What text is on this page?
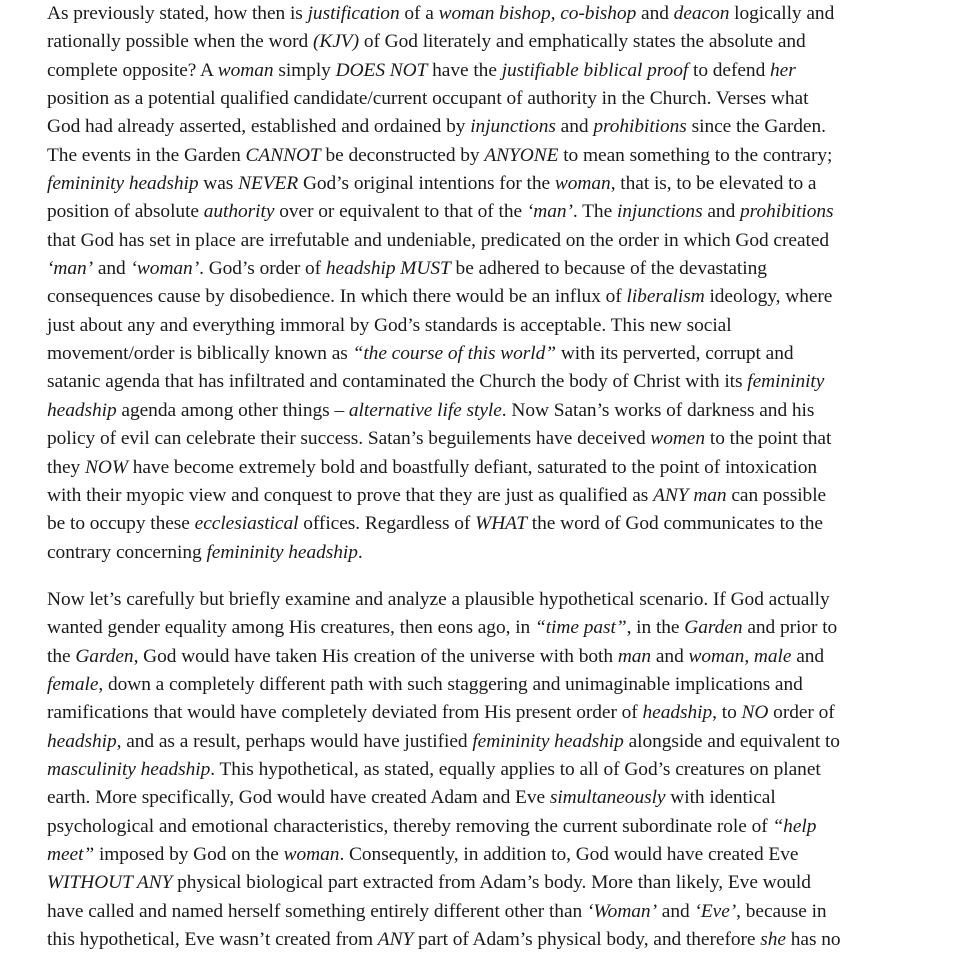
As previously stated, how then is justification of a woman bishop, co-bishop and deacon logically and
rationally possible when the word (KJV) of God literately and emphatically states the absolute and
complete opposite? A woman simply DOES NOT have the justifiable biblical proof to defend her
position as a potential qualified candidate/current occupant of authority in the Church. Verses what
God had already asserted, established and ordained by injunctions and prohibitions since the Garden.
The events in the Garden CANNOT be deconstructed by ANYONE to mean something to the contrary;
femininity headship was NEVER God’s original intentions for the woman, that is, to be elevated to a
position of absolute authority over or equivalent to that of the ‘man’. The injunctions and prohibitions
that God has set in place are irrefutable and undeniable, predicated on the order in which God created
‘man’ and ‘woman’. God’s order of headship MUST be adhered to because of the devastating
consequences cause by disobedience. In which there would be an influx of liberalism ideology, where
just about any and everything immoral by God’s standards is acceptable. This new social
movement/order is biblically known as “the course of this world” with its perverted, corrupt and
satanic agenda that has infiltrated and contaminated the Church the body of Christ with its femininity
headship agenda among other things – alternative life style. Now Satan’s works of darkness and his
policy of evil can celebrate their success. Satan’s beguilements have deceived women to the point that
they NOW have become extremely bold and boastfully defiant, saturated to the point of intoxication
with their myopic view and conquest to prove that they are just as qualified as ANY man can possible
be to occupy these ecclesiastical offices. Regardless of WHAT the word of God communicates to the
contrary concerning femininity headship.
Now let’s carefully but briefly examine and analyze a plausible hypothetical scenario. If God actually
wanted gender equality among His creatures, then eons ago, in “time past”, in the Garden and prior to
the Garden, God would have taken His creation of the universe with both man and woman, male and
female, down a completely different path with such staggering and unimaginable implications and
ramifications that would have completely deviated from His present order of headship, to NO order of
headship, and as a result, perhaps would have justified femininity headship alongside and equivalent to
masculinity headship. This hypothetical, as stated, equally applies to all of God’s creatures on planet
earth. More specifically, God would have created Adam and Eve simultaneously with identical
psychological and emotional characteristics, thereby removing the current subordinate role of “help
meet” imposed by God on the woman. Consequently, in addition to, God would have created Eve
WITHOUT ANY physical biological part extracted from Adam’s body. More than likely, Eve would
have called and named herself something entirely different other than ‘Woman’ and ‘Eve’, because in
this hypothetical, Eve wasn’t created from ANY part of Adam’s physical body, and therefore she has no
